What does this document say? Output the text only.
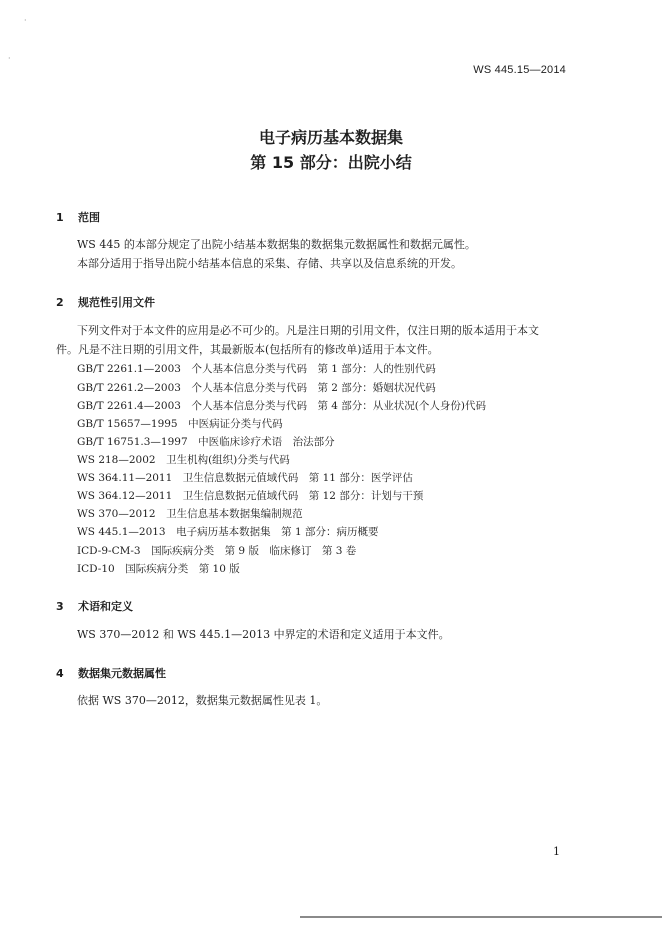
·
·
WS 445.15—2014
电子病历基本数据集
第 15 部分：出院小结
1 范围
WS 445 的本部分规定了出院小结基本数据集的数据集元数据属性和数据元属性。
本部分适用于指导出院小结基本信息的采集、存储、共享以及信息系统的开发。
2 规范性引用文件
下列文件对于本文件的应用是必不可少的。凡是注日期的引用文件，仅注日期的版本适用于本文
件。凡是不注日期的引用文件，其最新版本(包括所有的修改单)适用于本文件。
GB/T 2261.1—2003　个人基本信息分类与代码　第 1 部分：人的性别代码
GB/T 2261.2—2003　个人基本信息分类与代码　第 2 部分：婚姻状况代码
GB/T 2261.4—2003　个人基本信息分类与代码　第 4 部分：从业状况(个人身份)代码
GB/T 15657—1995　中医病证分类与代码
GB/T 16751.3—1997　中医临床诊疗术语　治法部分
WS 218—2002　卫生机构(组织)分类与代码
WS 364.11—2011　卫生信息数据元值域代码　第 11 部分：医学评估
WS 364.12—2011　卫生信息数据元值域代码　第 12 部分：计划与干预
WS 370—2012　卫生信息基本数据集编制规范
WS 445.1—2013　电子病历基本数据集　第 1 部分：病历概要
ICD-9-CM-3　国际疾病分类　第 9 版　临床修订　第 3 卷
ICD-10　国际疾病分类　第 10 版
3 术语和定义
WS 370—2012 和 WS 445.1—2013 中界定的术语和定义适用于本文件。
4 数据集元数据属性
依据 WS 370—2012，数据集元数据属性见表 1。
1
